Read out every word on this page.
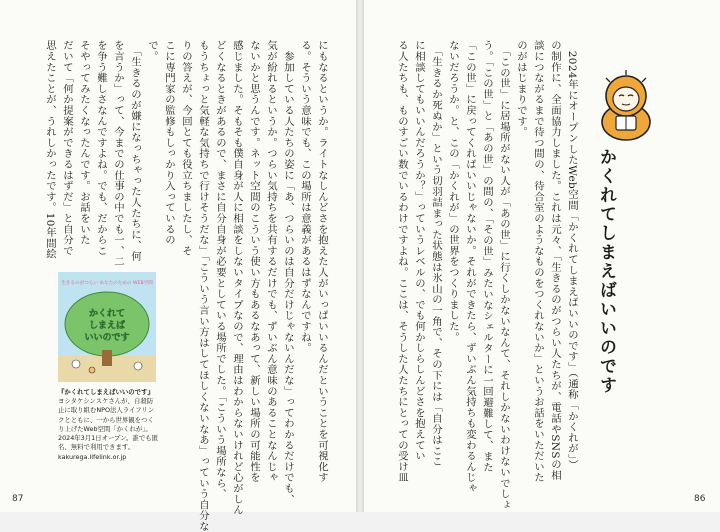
　2024年にオープンしたWeb空間「かくれてしまえばいいのです」（通称「かくれが」）
の制作に、全面協力しました。これは元々、「生きるのがつらい人たちが、電話やSNSの相
談につながるまで待つ間の、待合室のようなものをつくれないか」というお話をいただいた
のがはじまりです。
　「この世」に居場所がない人が「あの世」に行くしかないなんて、それしかないわけないでしょ
う。「この世」と「あの世」の間の、「その世」みたいなシェルターに一回避難して、また
「この世」に戻ってくればいいじゃないか。それができたら、ずいぶん気持ちも変わるんじゃ
ないだろうか。と、この「かくれが」の世界をつくりました。
　「生きるか死ぬか」という切羽詰まった状態は氷山の一角で、その下には「自分はここ
に相談してもいいんだろうか？」っていうレベルの、でも何かしらしんどさを抱えてい
る人たちも、ものすごい数でいるわけですよね。ここは、そうした人たちにとっての受け皿	かくれてしまえばいいのです
にもなるというか。ライトなしんどさを抱えた人がいっぱいいるんだということを可視化す
る。そういう意味でも、この場所は意義があるはずなんですね。
　参加している人たちの姿に「あ、つらいのは自分だけじゃないんだな」ってわかるだけでも、
気が紛れるというか。つらい気持ちを共有するだけでも、ずいぶん意味のあることなんじゃ
ないかと思うんです。ネット空間のこういう使い方もあるなあって、新しい場所の可能性を
感じました。そもそも僕自身が人に相談をしないタイプなので、理由はわからないけれど心がしん
どくなるときがあるので、まさに自分自身が必要としている場所でした。「こういう場所なら、
もうちょっと気軽な気持ちで行けそうだな」「こういう言い方はしてほしくないなあ」っていう自分な
りの答えが、今回とても役立ちましたし、そ
こに専門家の監修もしっかり入っているの
で。
　「生きるのが嫌になっちゃった人たちに、何
を言うか」って、今までの仕事の中でも一、二
を争う難しさなんですよね。でも、だからこ
そやってみたくなったんです。お話をいた
だいて「何か提案ができるはずだ」と自分で
思えたことが、うれしかったです。10年間絵
生きるのがつらい あなたのための WEB空間
かくれて
しまえば
いいのです
『かくれてしまえばいいのです』
ヨシタケシンスケさんが、自殺防止に取り組むNPO法人ライフリンクとともに、一から世界観をつくり上げたWeb空間「かくれが」。2024年3月1日オープン。誰でも匿名、無料で利用できます。
kakurega.lifelink.or.jp
87	86
